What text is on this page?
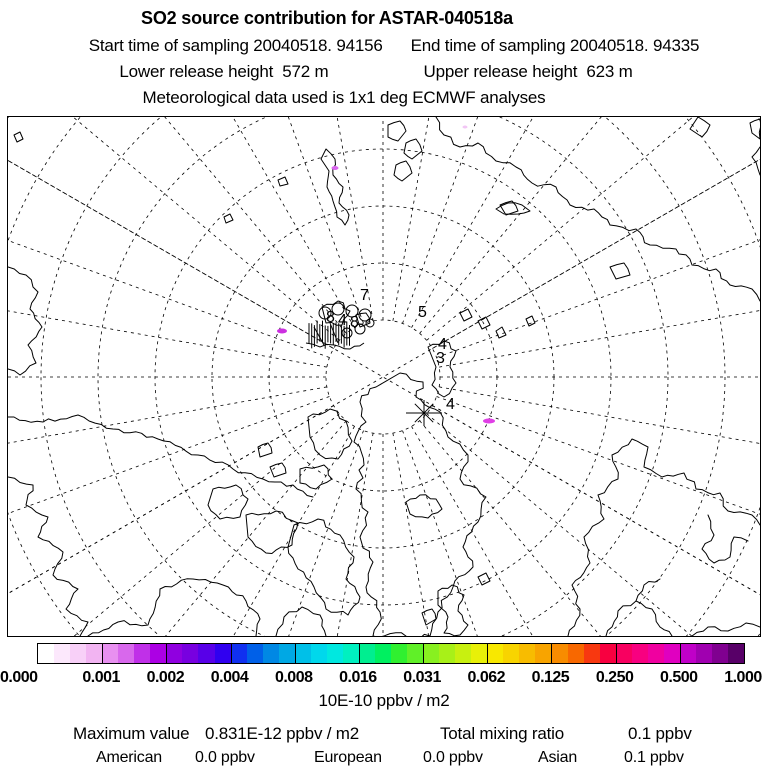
SO2 source contribution for ASTAR-040518a
Start time of sampling 20040518. 94156 End time of sampling 20040518. 94335
Lower release height  572 m	Upper release height  623 m
Meteorological data used is 1x1 deg ECMWF analyses
7
8 4 8
5
4
3
4
0.000	0.001 0.002 0.004 0.008 0.016 0.031 0.062 0.125 0.250 0.500 1.000
10E-10 ppbv / m2
Maximum value 0.831E-12 ppbv / m2	Total mixing ratio	0.1 ppbv
American 0.0 ppbv	European	0.0 ppbv	Asian	0.1 ppbv
